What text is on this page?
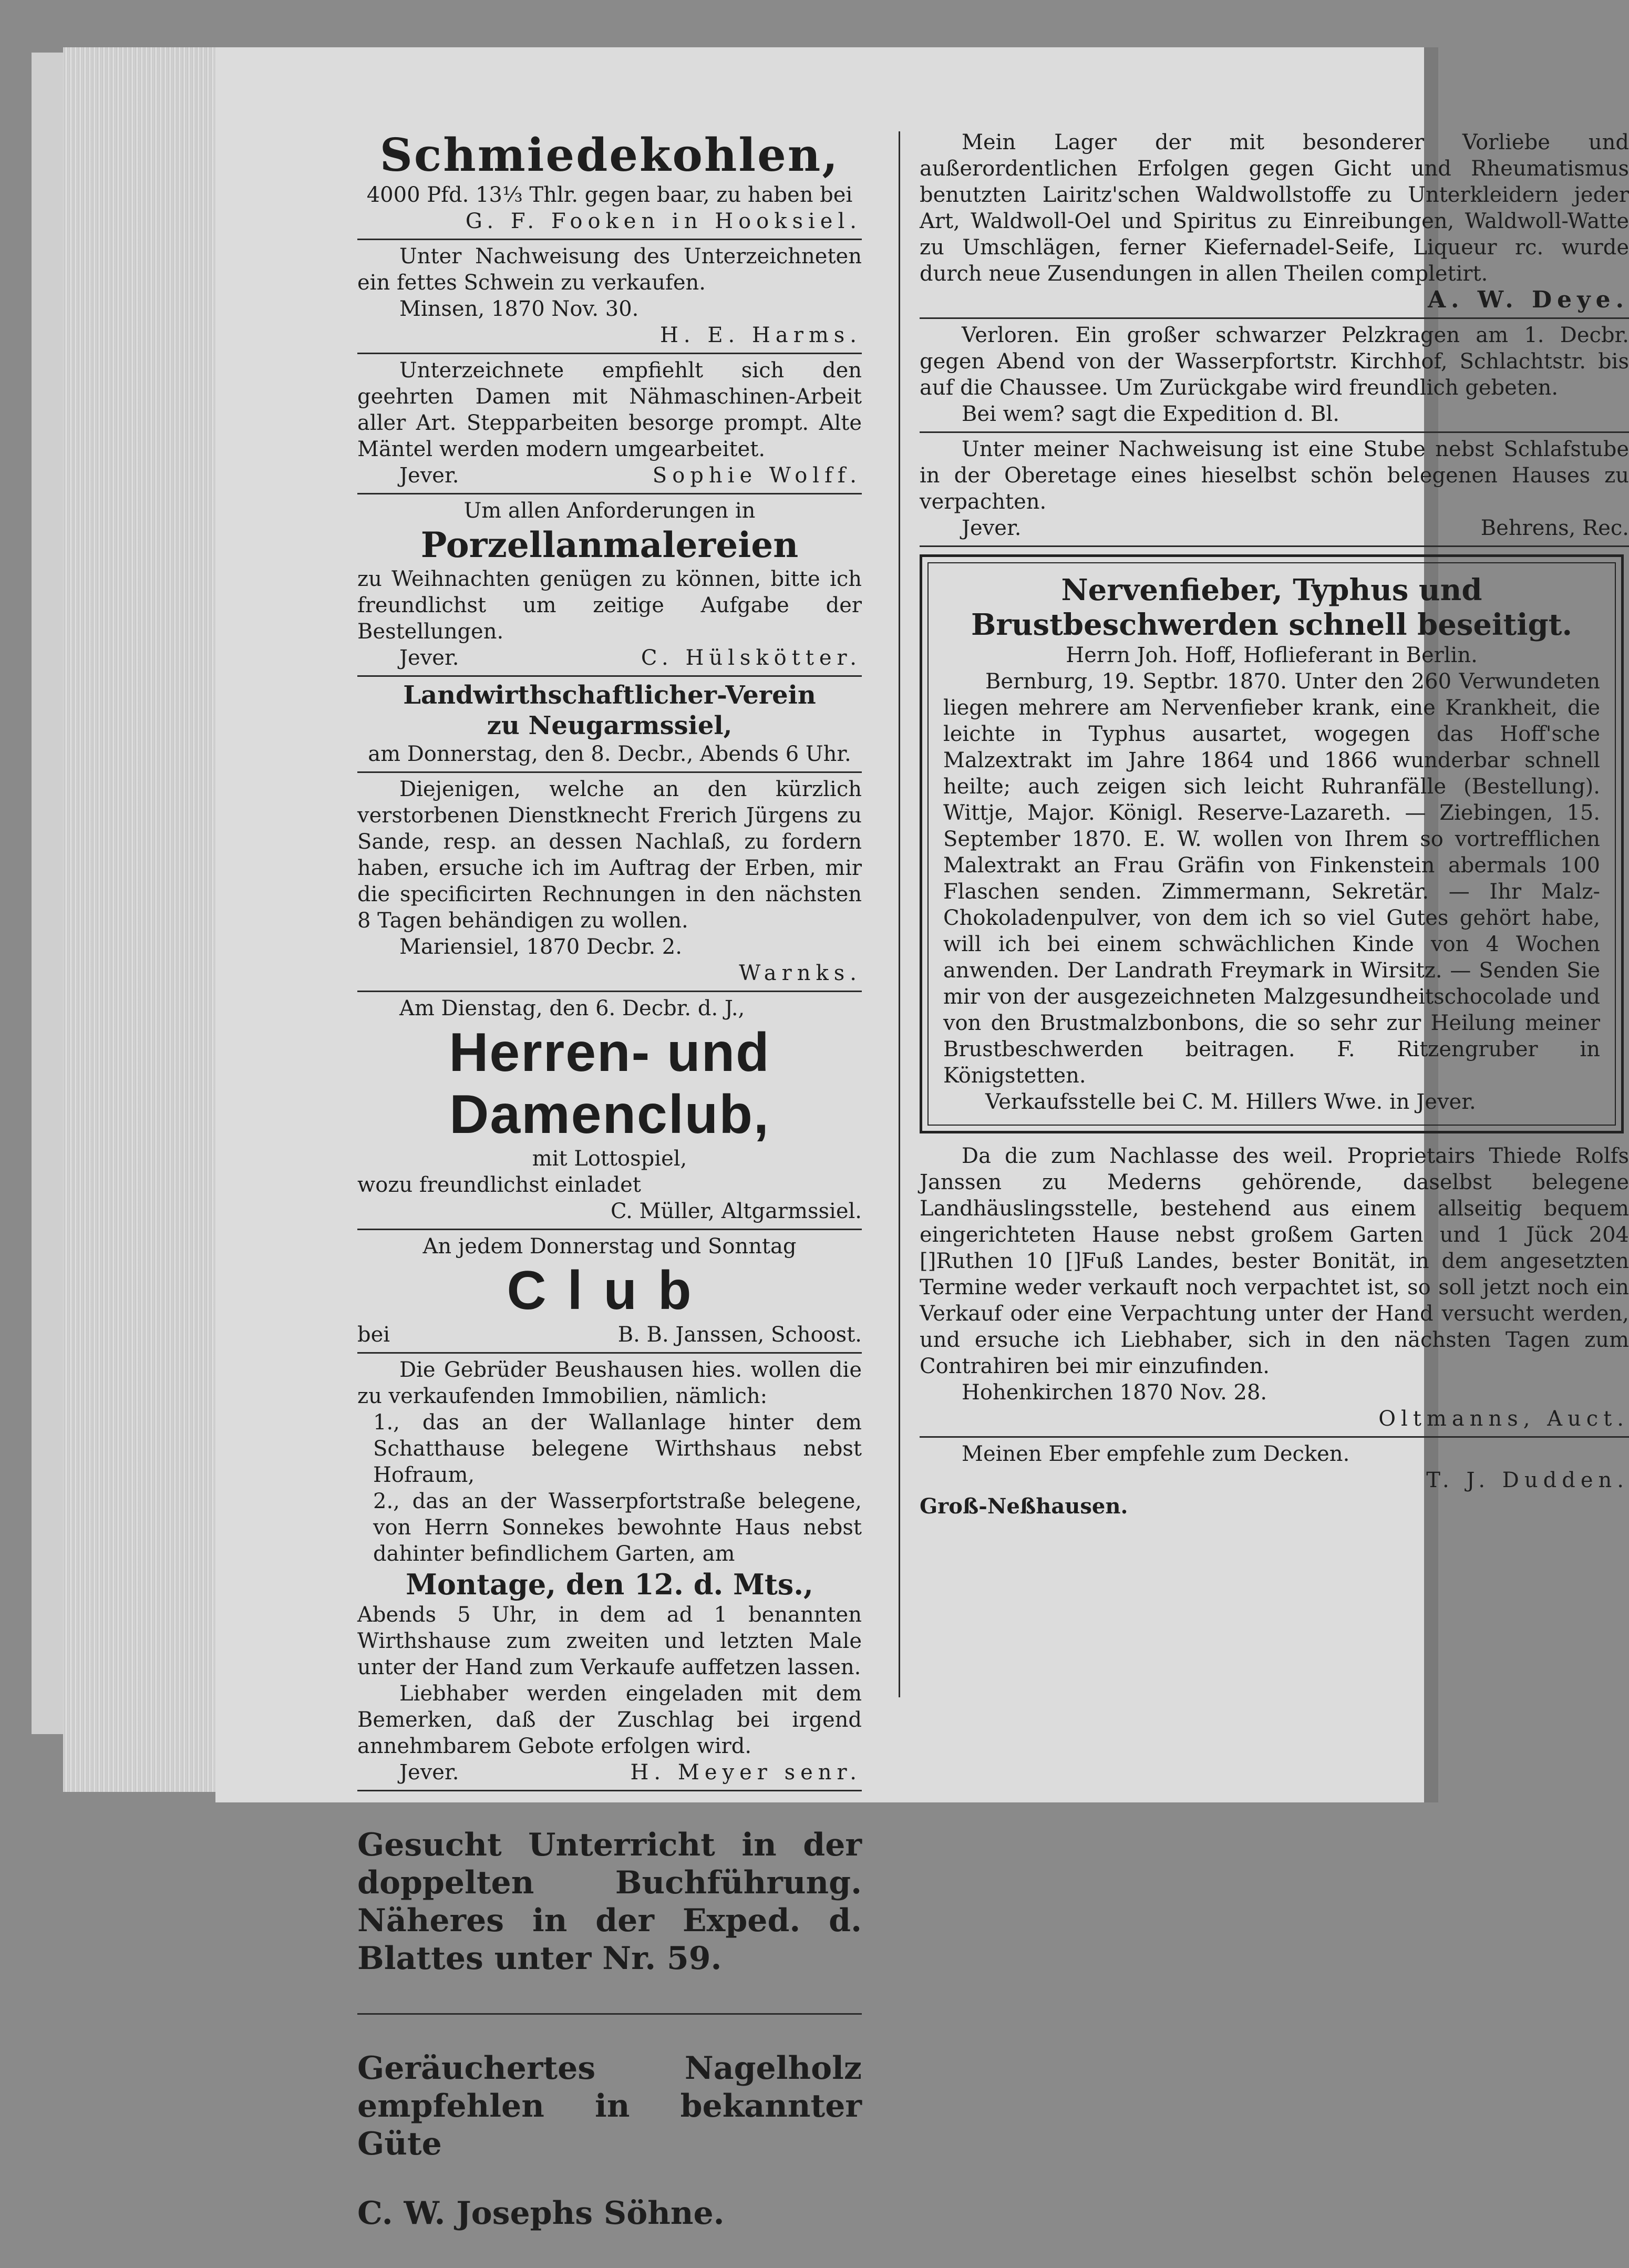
Schmiedekohlen,

4000 Pfd. 13⅓ Thlr. gegen baar, zu haben bei

G. F. Fooken in Hooksiel.

Unter Nachweisung des Unterzeichneten ein fettes Schwein zu verkaufen.

Minsen, 1870 Nov. 30.

H. E. Harms.

Unterzeichnete empfiehlt sich den geehrten Damen mit Nähmaschinen-Arbeit aller Art. Stepparbeiten besorge prompt. Alte Mäntel werden modern umgearbeitet.

Jever.	Sophie Wolff.

Um allen Anforderungen in

Porzellanmalereien

zu Weihnachten genügen zu können, bitte ich freundlichst um zeitige Aufgabe der Bestellungen.

Jever.	C. Hülskötter.
Landwirthschaftlicher-Verein
zu Neugarmssiel,

am Donnerstag, den 8. Decbr., Abends 6 Uhr.

Diejenigen, welche an den kürzlich verstorbenen Dienstknecht Frerich Jürgens zu Sande, resp. an dessen Nachlaß, zu fordern haben, ersuche ich im Auftrag der Erben, mir die specificirten Rechnungen in den nächsten 8 Tagen behändigen zu wollen.

Mariensiel, 1870 Decbr. 2.

Warnks.

Am Dienstag, den 6. Decbr. d. J.,

Herren- und Damenclub,

mit Lottospiel,

wozu freundlichst einladet

C. Müller, Altgarmssiel.

An jedem Donnerstag und Sonntag

Club
bei	B. B. Janssen, Schoost.

Die Gebrüder Beushausen hies. wollen die zu verkaufenden Immobilien, nämlich:

1., das an der Wallanlage hinter dem Schatthause belegene Wirthshaus nebst Hofraum,

2., das an der Wasserpfortstraße belegene, von Herrn Sonnekes bewohnte Haus nebst dahinter befindlichem Garten, am

Montage, den 12. d. Mts.,

Abends 5 Uhr, in dem ad 1 benannten Wirthshause zum zweiten und letzten Male unter der Hand zum Verkaufe auffetzen lassen.

Liebhaber werden eingeladen mit dem Bemerken, daß der Zuschlag bei irgend annehmbarem Gebote erfolgen wird.

Jever.	H. Meyer senr.

Gesucht Unterricht in der doppelten Buchführung. Näheres in der Exped. d. Blattes unter Nr. 59.

Geräuchertes Nagelholz empfehlen in bekannter Güte

C. W. Josephs Söhne.

Mein Lager der mit besonderer Vorliebe und außerordentlichen Erfolgen gegen Gicht und Rheumatismus benutzten Lairitz'schen Waldwollstoffe zu Unterkleidern jeder Art, Waldwoll-Oel und Spiritus zu Einreibungen, Waldwoll-Watte zu Umschlägen, ferner Kiefernadel-Seife, Liqueur rc. wurde durch neue Zusendungen in allen Theilen completirt.

A. W. Deye.

Verloren. Ein großer schwarzer Pelzkragen am 1. Decbr. gegen Abend von der Wasserpfortstr. Kirchhof, Schlachtstr. bis auf die Chaussee. Um Zurückgabe wird freundlich gebeten.

Bei wem? sagt die Expedition d. Bl.

Unter meiner Nachweisung ist eine Stube nebst Schlafstube in der Oberetage eines hieselbst schön belegenen Hauses zu verpachten.

Jever.	Behrens, Rec.
Nervenfieber, Typhus und Brustbeschwerden schnell beseitigt.

Herrn Joh. Hoff, Hoflieferant in Berlin.

Bernburg, 19. Septbr. 1870. Unter den 260 Verwundeten liegen mehrere am Nervenfieber krank, eine Krankheit, die leichte in Typhus ausartet, wogegen das Hoff'sche Malzextrakt im Jahre 1864 und 1866 wunderbar schnell heilte; auch zeigen sich leicht Ruhranfälle (Bestellung). Wittje, Major. Königl. Reserve-Lazareth. — Ziebingen, 15. September 1870. E. W. wollen von Ihrem so vortrefflichen Malextrakt an Frau Gräfin von Finkenstein abermals 100 Flaschen senden. Zimmermann, Sekretär. — Ihr Malz-Chokoladenpulver, von dem ich so viel Gutes gehört habe, will ich bei einem schwächlichen Kinde von 4 Wochen anwenden. Der Landrath Freymark in Wirsitz. — Senden Sie mir von der ausgezeichneten Malzgesundheitschocolade und von den Brustmalzbonbons, die so sehr zur Heilung meiner Brustbeschwerden beitragen. F. Ritzengruber in Königstetten.

Verkaufsstelle bei C. M. Hillers Wwe. in Jever.

Da die zum Nachlasse des weil. Proprietairs Thiede Rolfs Janssen zu Mederns gehörende, daselbst belegene Landhäuslingsstelle, bestehend aus einem allseitig bequem eingerichteten Hause nebst großem Garten und 1 Jück 204 []Ruthen 10 []Fuß Landes, bester Bonität, in dem angesetzten Termine weder verkauft noch verpachtet ist, so soll jetzt noch ein Verkauf oder eine Verpachtung unter der Hand versucht werden, und ersuche ich Liebhaber, sich in den nächsten Tagen zum Contrahiren bei mir einzufinden.

Hohenkirchen 1870 Nov. 28.

Oltmanns, Auct.

Meinen Eber empfehle zum Decken.

T. J. Dudden.

Groß-Neßhausen.
